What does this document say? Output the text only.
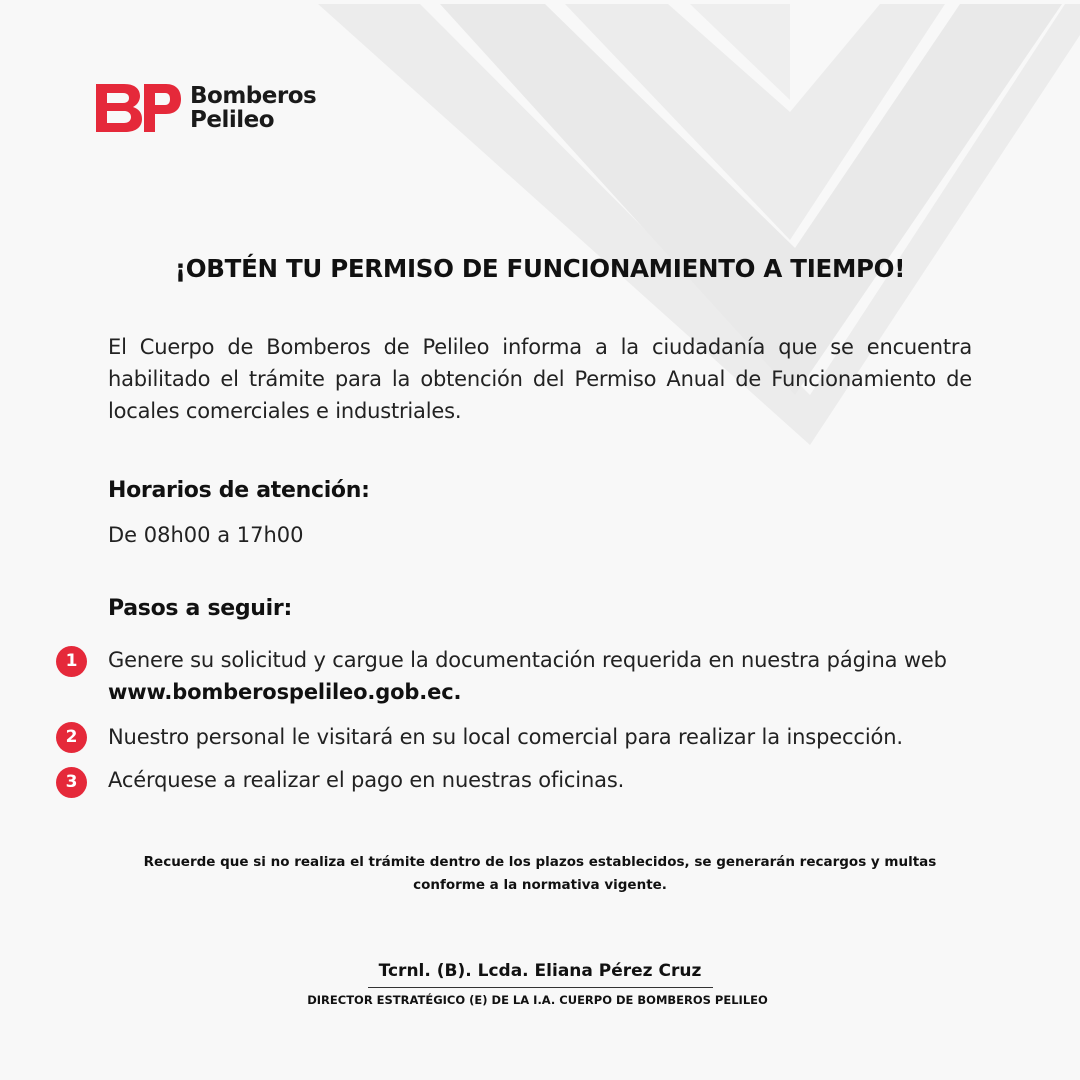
Bomberos
Pelileo
¡OBTÉN TU PERMISO DE FUNCIONAMIENTO A TIEMPO!
El Cuerpo de Bomberos de Pelileo informa a la ciudadanía que se encuentra habilitado el trámite para la obtención del Permiso Anual de Funcionamiento de locales comerciales e industriales.
Horarios de atención:
De 08h00 a 17h00
Pasos a seguir:
1	Genere su solicitud y cargue la documentación requerida en nuestra página web www.bomberospelileo.gob.ec.
2	Nuestro personal le visitará en su local comercial para realizar la inspección.
3	Acérquese a realizar el pago en nuestras oficinas.
Recuerde que si no realiza el trámite dentro de los plazos establecidos, se generarán recargos y multas
conforme a la normativa vigente.
Tcrnl. (B). Lcda. Eliana Pérez Cruz
DIRECTOR ESTRATÉGICO (E) DE LA I.A. CUERPO DE BOMBEROS PELILEO
